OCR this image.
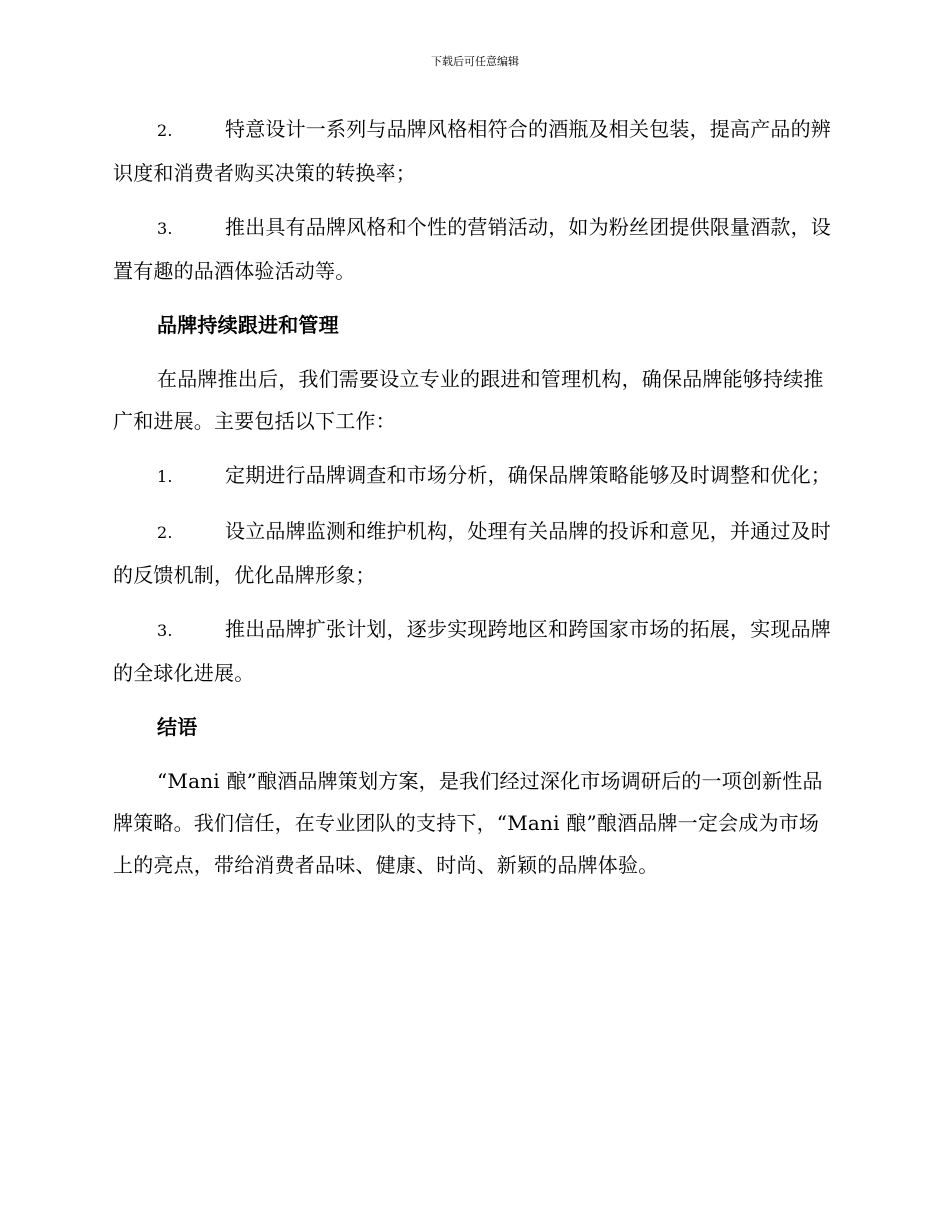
下载后可任意编辑

2.	特意设计一系列与品牌风格相符合的酒瓶及相关包装，提高产品的辨识度和消费者购买决策的转换率；

3.	推出具有品牌风格和个性的营销活动，如为粉丝团提供限量酒款，设置有趣的品酒体验活动等。

品牌持续跟进和管理

在品牌推出后，我们需要设立专业的跟进和管理机构，确保品牌能够持续推广和进展。主要包括以下工作：

1.	定期进行品牌调查和市场分析，确保品牌策略能够及时调整和优化；

2.	设立品牌监测和维护机构，处理有关品牌的投诉和意见，并通过及时的反馈机制，优化品牌形象；

3.	推出品牌扩张计划，逐步实现跨地区和跨国家市场的拓展，实现品牌的全球化进展。

结语

“Mani 酿”酿酒品牌策划方案，是我们经过深化市场调研后的一项创新性品牌策略。我们信任，在专业团队的支持下，“Mani 酿”酿酒品牌一定会成为市场上的亮点，带给消费者品味、健康、时尚、新颖的品牌体验。
